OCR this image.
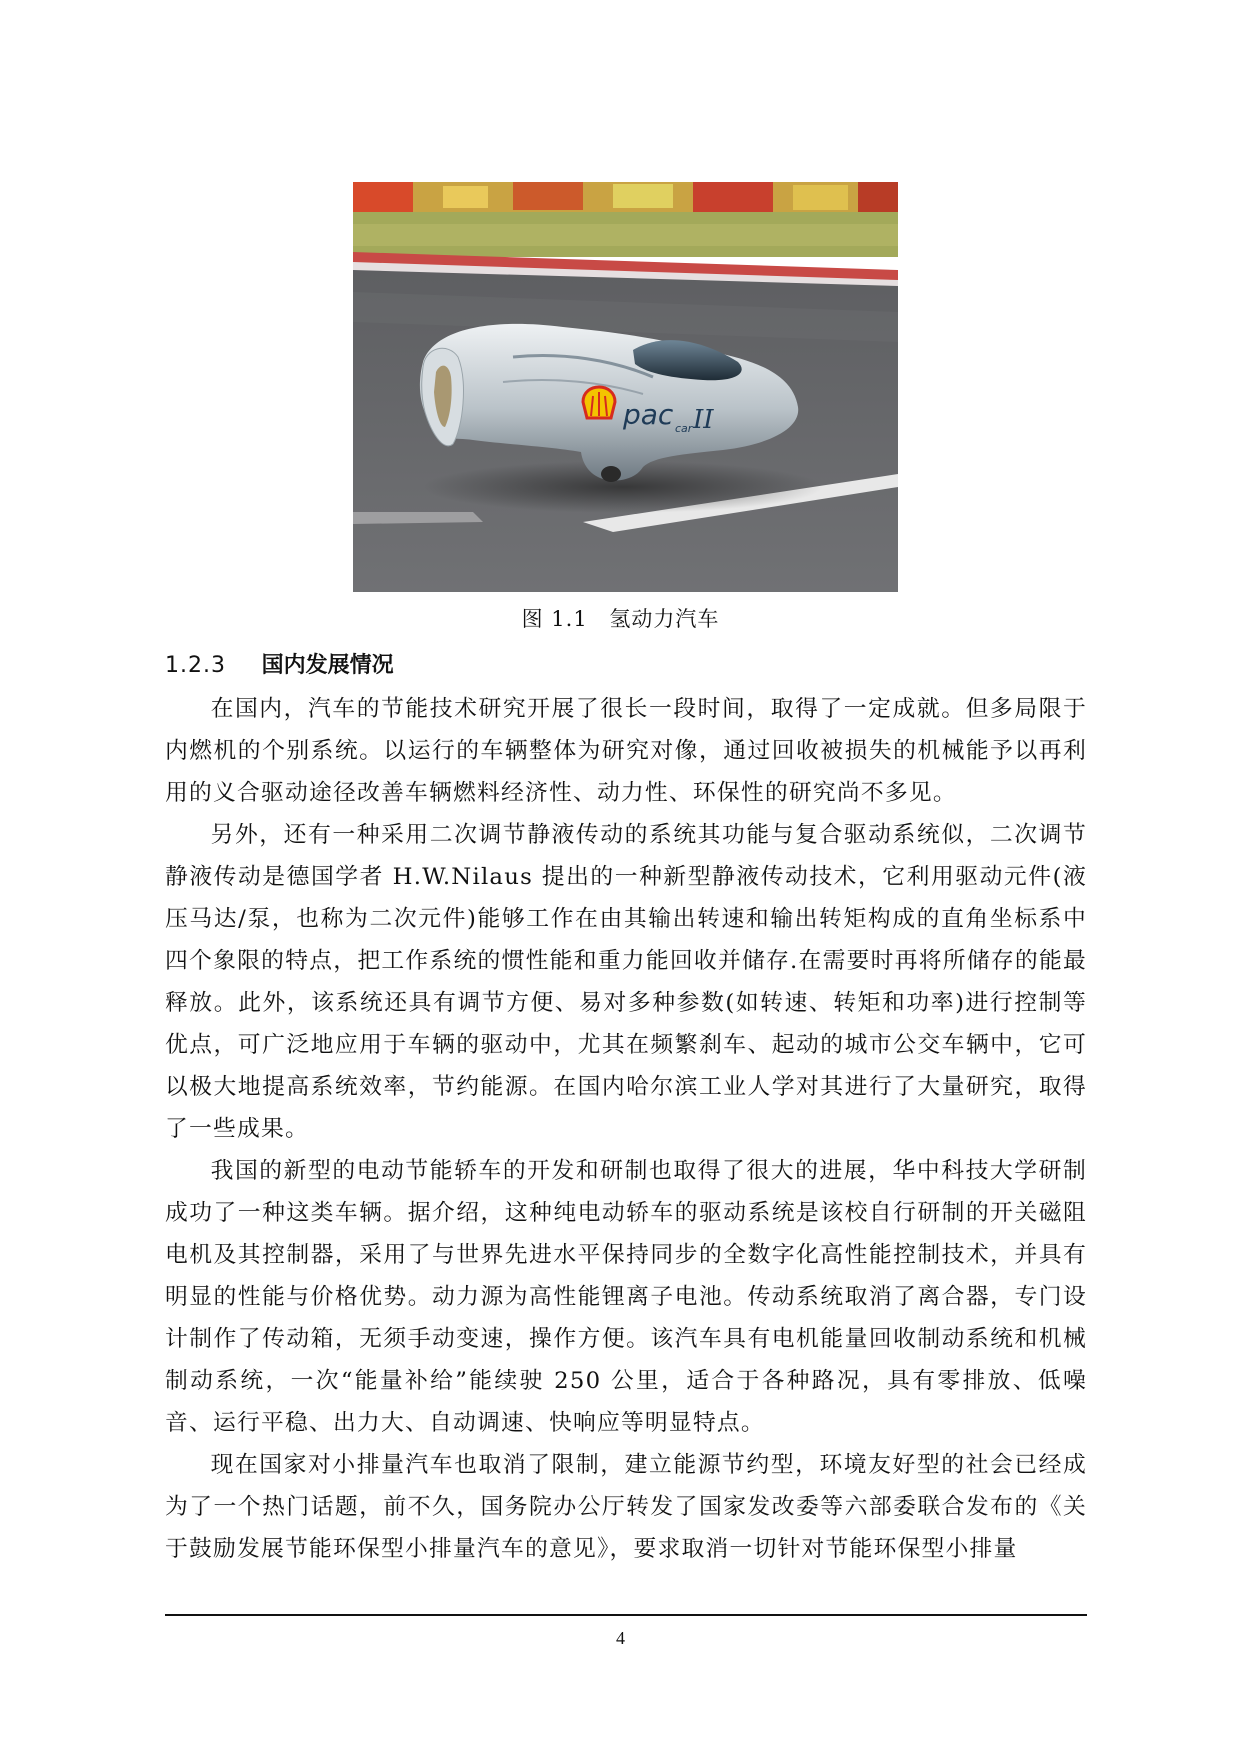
pac car II
图 1.1 氢动力汽车
1.2.3 国内发展情况

在国内，汽车的节能技术研究开展了很长一段时间，取得了一定成就。但多局限于内燃机的个别系统。以运行的车辆整体为研究对像，通过回收被损失的机械能予以再利用的义合驱动途径改善车辆燃料经济性、动力性、环保性的研究尚不多见。

另外，还有一种采用二次调节静液传动的系统其功能与复合驱动系统似，二次调节静液传动是德国学者 H.W.Nilaus 提出的一种新型静液传动技术，它利用驱动元件(液压马达/泵，也称为二次元件)能够工作在由其输出转速和输出转矩构成的直角坐标系中四个象限的特点，把工作系统的惯性能和重力能回收并储存.在需要时再将所储存的能最释放。此外，该系统还具有调节方便、易对多种参数(如转速、转矩和功率)进行控制等优点，可广泛地应用于车辆的驱动中，尤其在频繁刹车、起动的城市公交车辆中，它可以极大地提高系统效率，节约能源。在国内哈尔滨工业人学对其进行了大量研究，取得了一些成果。

我国的新型的电动节能轿车的开发和研制也取得了很大的进展，华中科技大学研制成功了一种这类车辆。据介绍，这种纯电动轿车的驱动系统是该校自行研制的开关磁阻电机及其控制器，采用了与世界先进水平保持同步的全数字化高性能控制技术，并具有明显的性能与价格优势。动力源为高性能锂离子电池。传动系统取消了离合器，专门设计制作了传动箱，无须手动变速，操作方便。该汽车具有电机能量回收制动系统和机械制动系统，一次“能量补给”能续驶 250 公里，适合于各种路况，具有零排放、低噪音、运行平稳、出力大、自动调速、快响应等明显特点。

现在国家对小排量汽车也取消了限制，建立能源节约型，环境友好型的社会已经成为了一个热门话题，前不久，国务院办公厅转发了国家发改委等六部委联合发布的《关于鼓励发展节能环保型小排量汽车的意见》，要求取消一切针对节能环保型小排量

4
